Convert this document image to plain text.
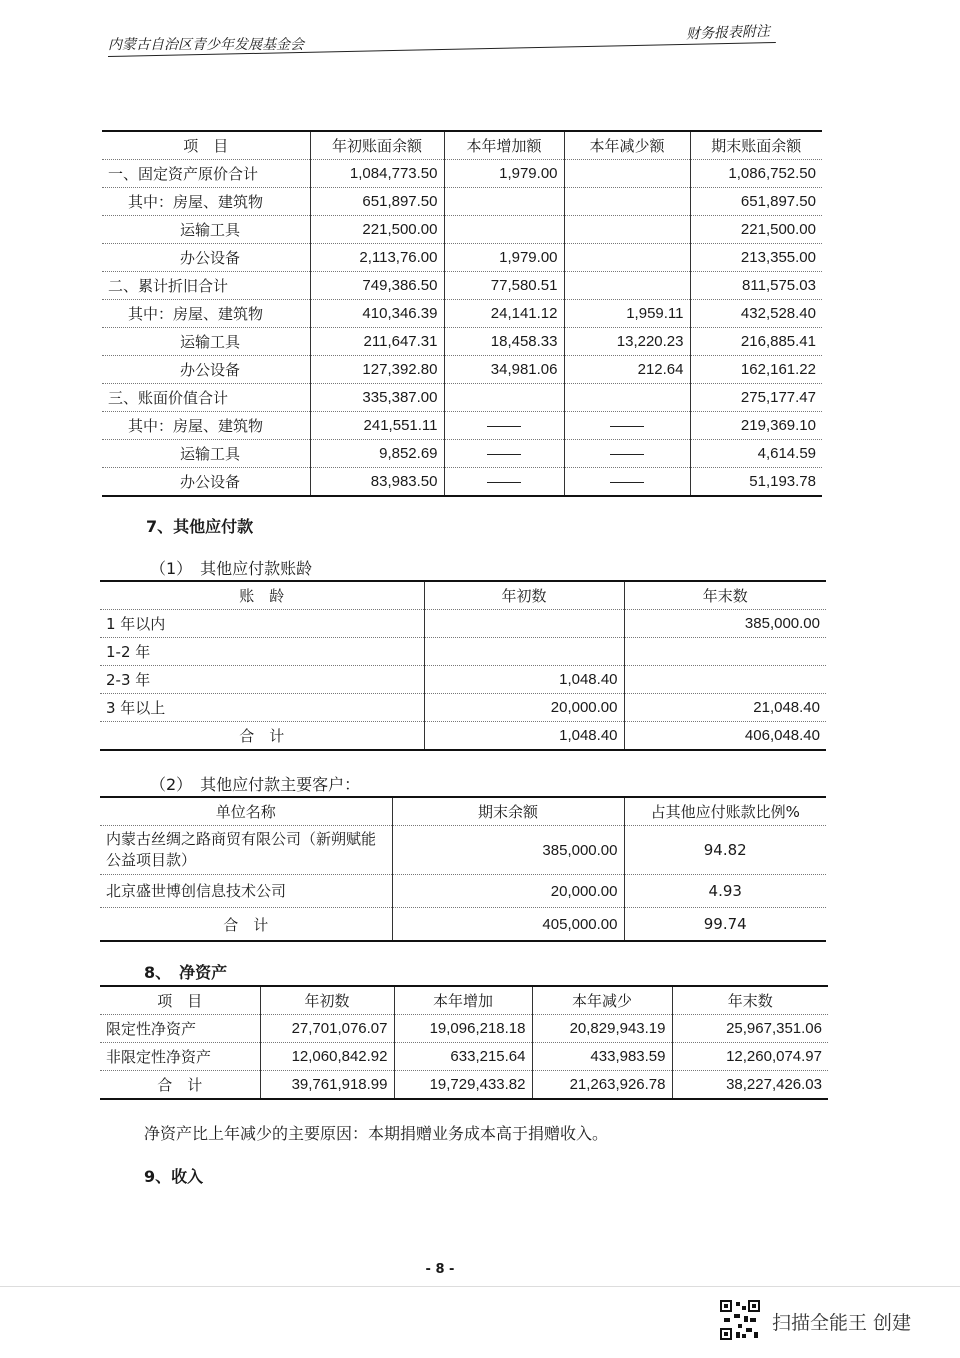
内蒙古自治区青少年发展基金会
财务报表附注
项　目	年初账面余额	本年增加额	本年减少额	期末账面余额
一、固定资产原价合计	1,084,773.50	1,979.00		1,086,752.50
其中：房屋、建筑物	651,897.50			651,897.50
运输工具	221,500.00			221,500.00
办公设备	2,113,76.00	1,979.00		213,355.00
二、累计折旧合计	749,386.50	77,580.51		811,575.03
其中：房屋、建筑物	410,346.39	24,141.12	1,959.11	432,528.40
运输工具	211,647.31	18,458.33	13,220.23	216,885.41
办公设备	127,392.80	34,981.06	212.64	162,161.22
三、账面价值合计	335,387.00			275,177.47
其中：房屋、建筑物	241,551.11			219,369.10
运输工具	9,852.69			4,614.59
办公设备	83,983.50			51,193.78
7、其他应付款
（1）　其他应付款账龄
账　龄	年初数	年末数
1 年以内		385,000.00
1-2 年		
2-3 年	1,048.40	
3 年以上	20,000.00	21,048.40
合　计	1,048.40	406,048.40
（2）　其他应付款主要客户：
单位名称	期末余额	占其他应付账款比例%
内蒙古丝绸之路商贸有限公司（新朔赋能公益项目款）	385,000.00	94.82
北京盛世博创信息技术公司	20,000.00	4.93
合　计	405,000.00	99.74
8、　净资产
项　目	年初数	本年增加	本年减少	年末数
限定性净资产	27,701,076.07	19,096,218.18	20,829,943.19	25,967,351.06
非限定性净资产	12,060,842.92	633,215.64	433,983.59	12,260,074.97
合　计	39,761,918.99	19,729,433.82	21,263,926.78	38,227,426.03
净资产比上年减少的主要原因：本期捐赠业务成本高于捐赠收入。
9、收入
- 8 -
扫描全能王 创建
